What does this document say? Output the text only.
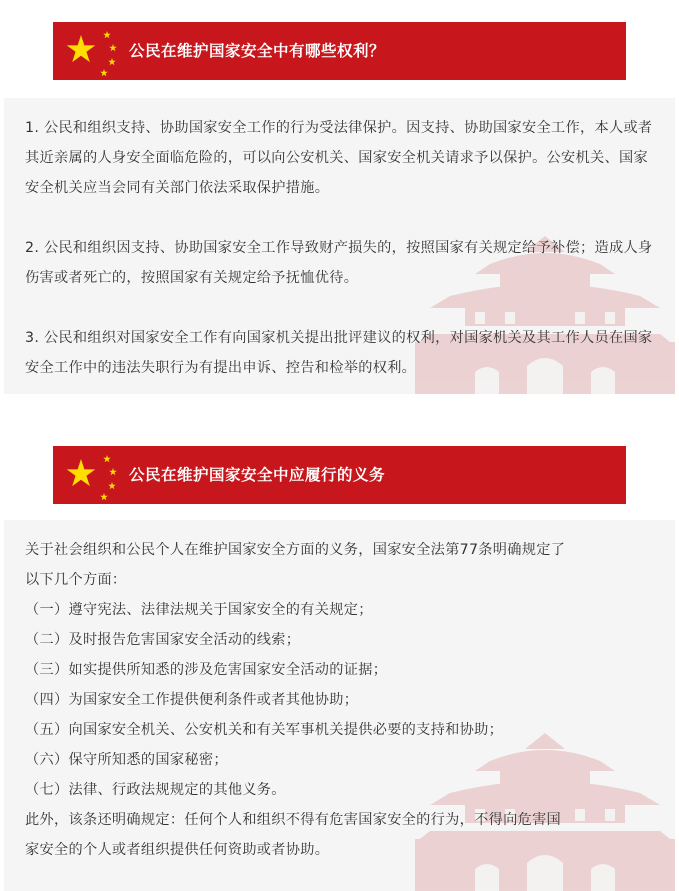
公民在维护国家安全中有哪些权利？

1. 公民和组织支持、协助国家安全工作的行为受法律保护。因支持、协助国家安全工作，本人或者其近亲属的人身安全面临危险的，可以向公安机关、国家安全机关请求予以保护。公安机关、国家安全机关应当会同有关部门依法采取保护措施。

2. 公民和组织因支持、协助国家安全工作导致财产损失的，按照国家有关规定给予补偿；造成人身伤害或者死亡的，按照国家有关规定给予抚恤优待。

3. 公民和组织对国家安全工作有向国家机关提出批评建议的权利，对国家机关及其工作人员在国家安全工作中的违法失职行为有提出申诉、控告和检举的权利。

公民在维护国家安全中应履行的义务
关于社会组织和公民个人在维护国家安全方面的义务，国家安全法第77条明确规定了
以下几个方面：
（一）遵守宪法、法律法规关于国家安全的有关规定；
（二）及时报告危害国家安全活动的线索；
（三）如实提供所知悉的涉及危害国家安全活动的证据；
（四）为国家安全工作提供便利条件或者其他协助；
（五）向国家安全机关、公安机关和有关军事机关提供必要的支持和协助；
（六）保守所知悉的国家秘密；
（七）法律、行政法规规定的其他义务。
此外，该条还明确规定：任何个人和组织不得有危害国家安全的行为，不得向危害国
家安全的个人或者组织提供任何资助或者协助。
